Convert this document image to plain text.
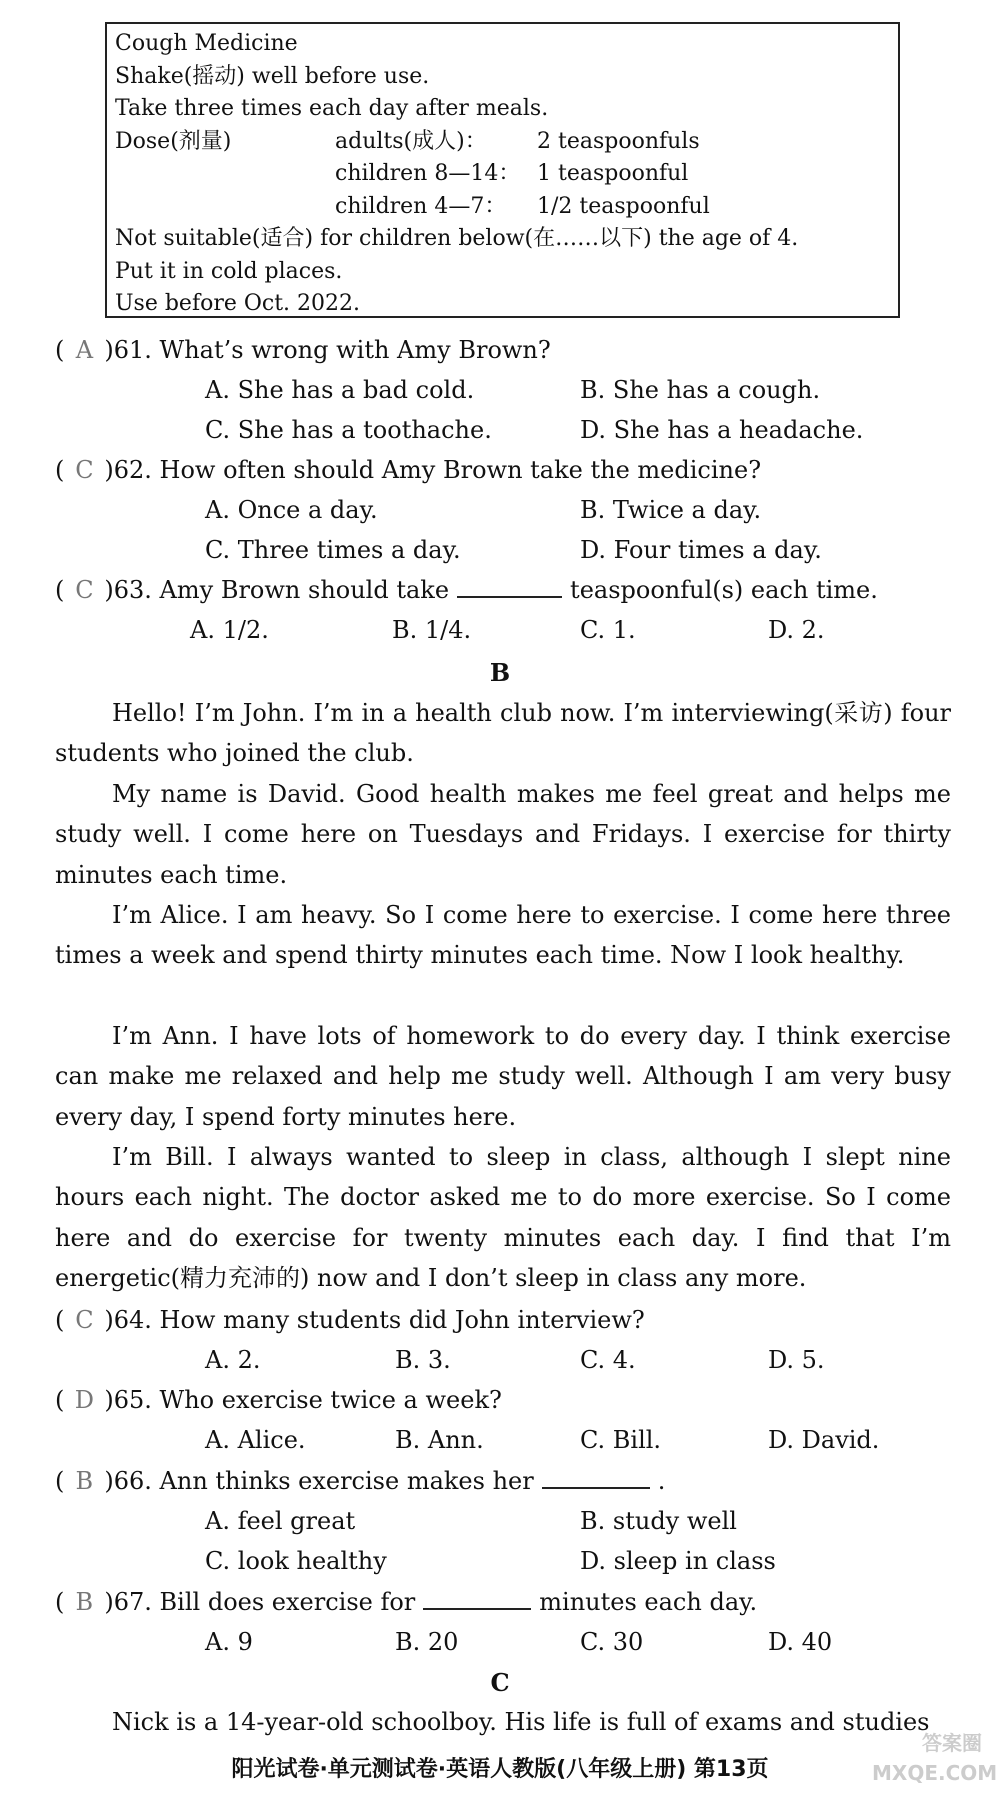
Cough Medicine
Shake(摇动) well before use.
Take three times each day after meals.
Dose(剂量)	adults(成人)： 2 teaspoonfuls
children 8—14： 1 teaspoonful
children 4—7： 1/2 teaspoonful
Not suitable(适合) for children below(在……以下) the age of 4.
Put it in cold places.
Use before Oct. 2022.
( A )61. What’s wrong with Amy Brown?
A. She has a bad cold.	B. She has a cough.
C. She has a toothache.	D. She has a headache.
( C )62. How often should Amy Brown take the medicine?
A. Once a day.	B. Twice a day.
C. Three times a day.	D. Four times a day.
( C )63. Amy Brown should take	teaspoonful(s) each time.
A. 1/2.	B. 1/4.	C. 1.	D. 2.
B

Hello! I’m John. I’m in a health club now. I’m interviewing(采访) four students who joined the club.

My name is David. Good health makes me feel great and helps me study well. I come here on Tuesdays and Fridays. I exercise for thirty minutes each time.

I’m Alice. I am heavy. So I come here to exercise. I come here three times a week and spend thirty minutes each time. Now I look healthy.

I’m Ann. I have lots of homework to do every day. I think exercise can make me relaxed and help me study well. Although I am very busy every day, I spend forty minutes here.

I’m Bill. I always wanted to sleep in class, although I slept nine hours each night. The doctor asked me to do more exercise. So I come here and do exercise for twenty minutes each day. I find that I’m energetic(精力充沛的) now and I don’t sleep in class any more.

( C )64. How many students did John interview?
A. 2.	B. 3.	C. 4.	D. 5.
( D )65. Who exercise twice a week?
A. Alice.	B. Ann.	C. Bill.	D. David.
( B )66. Ann thinks exercise makes her	.
A. feel great	B. study well
C. look healthy	D. sleep in class
( B )67. Bill does exercise for	minutes each day.
A. 9	B. 20	C. 30	D. 40
C

Nick is a 14-year-old schoolboy. His life is full of exams and studies

阳光试卷·单元测试卷·英语人教版(八年级上册) 第13页
答案圈
MXQE.COM
